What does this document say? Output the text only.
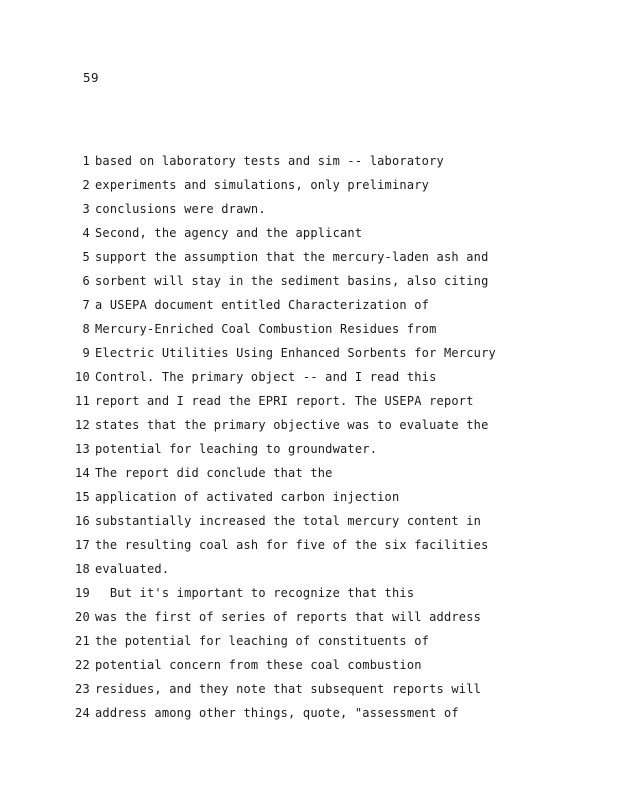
59
1 based on laboratory tests and sim -- laboratory
2 experiments and simulations, only preliminary
3 conclusions were drawn.
4 Second, the agency and the applicant
5 support the assumption that the mercury-laden ash and
6 sorbent will stay in the sediment basins, also citing
7 a USEPA document entitled Characterization of
8 Mercury-Enriched Coal Combustion Residues from
9 Electric Utilities Using Enhanced Sorbents for Mercury
10 Control. The primary object -- and I read this
11 report and I read the EPRI report. The USEPA report
12 states that the primary objective was to evaluate the
13 potential for leaching to groundwater.
14 The report did conclude that the
15 application of activated carbon injection
16 substantially increased the total mercury content in
17 the resulting coal ash for five of the six facilities
18 evaluated.
19 But it's important to recognize that this
20 was the first of series of reports that will address
21 the potential for leaching of constituents of
22 potential concern from these coal combustion
23 residues, and they note that subsequent reports will
24 address among other things, quote, "assessment of
